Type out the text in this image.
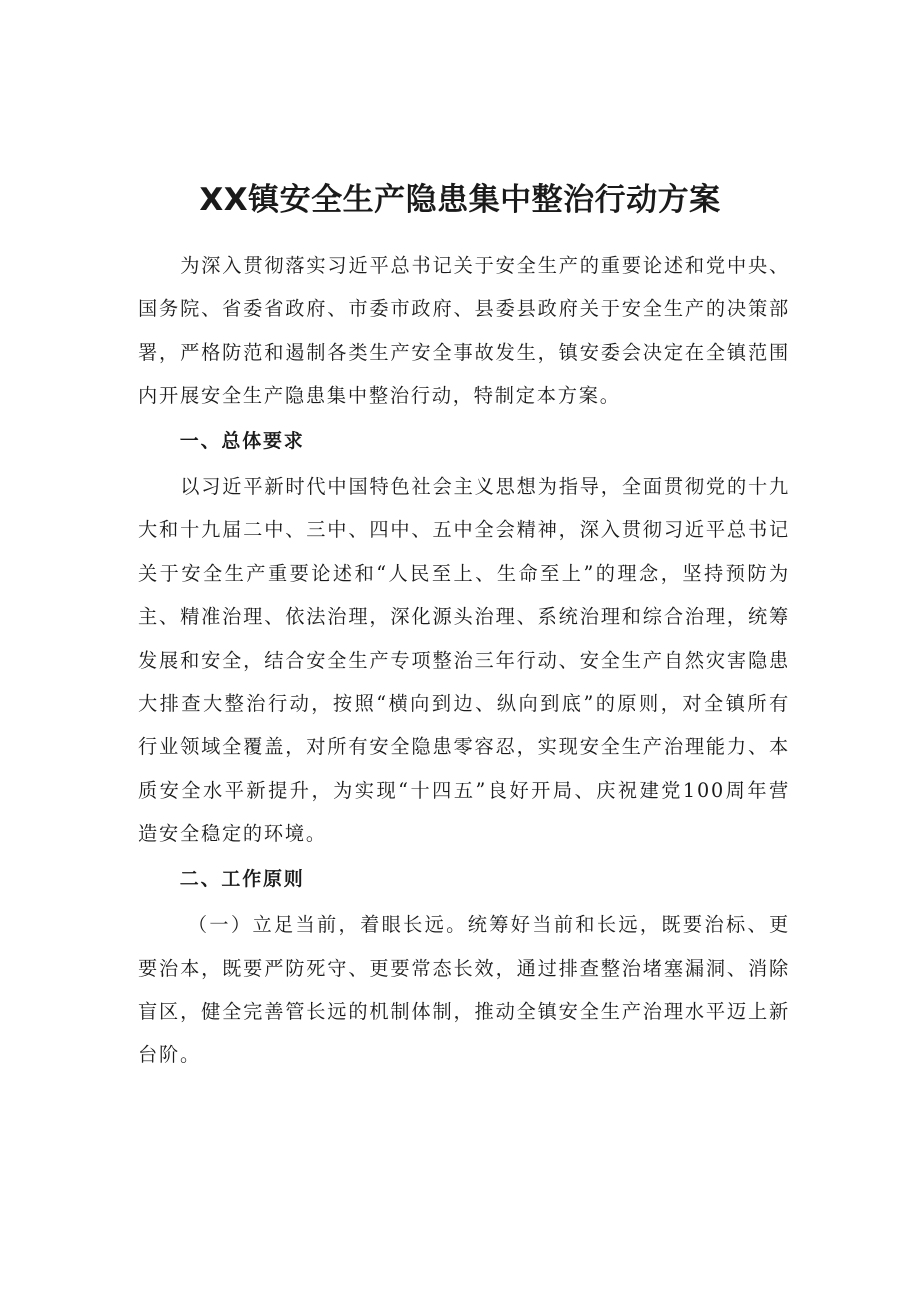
XX镇安全生产隐患集中整治行动方案

为深入贯彻落实习近平总书记关于安全生产的重要论述和党中央、国务院、省委省政府、市委市政府、县委县政府关于安全生产的决策部署，严格防范和遏制各类生产安全事故发生，镇安委会决定在全镇范围内开展安全生产隐患集中整治行动，特制定本方案。

一、总体要求

以习近平新时代中国特色社会主义思想为指导，全面贯彻党的十九大和十九届二中、三中、四中、五中全会精神，深入贯彻习近平总书记关于安全生产重要论述和“人民至上、生命至上”的理念，坚持预防为主、精准治理、依法治理，深化源头治理、系统治理和综合治理，统筹发展和安全，结合安全生产专项整治三年行动、安全生产自然灾害隐患大排查大整治行动，按照“横向到边、纵向到底”的原则，对全镇所有行业领域全覆盖，对所有安全隐患零容忍，实现安全生产治理能力、本质安全水平新提升，为实现“十四五”良好开局、庆祝建党100周年营造安全稳定的环境。

二、工作原则

（一）立足当前，着眼长远。统筹好当前和长远，既要治标、更要治本，既要严防死守、更要常态长效，通过排查整治堵塞漏洞、消除盲区，健全完善管长远的机制体制，推动全镇安全生产治理水平迈上新台阶。
